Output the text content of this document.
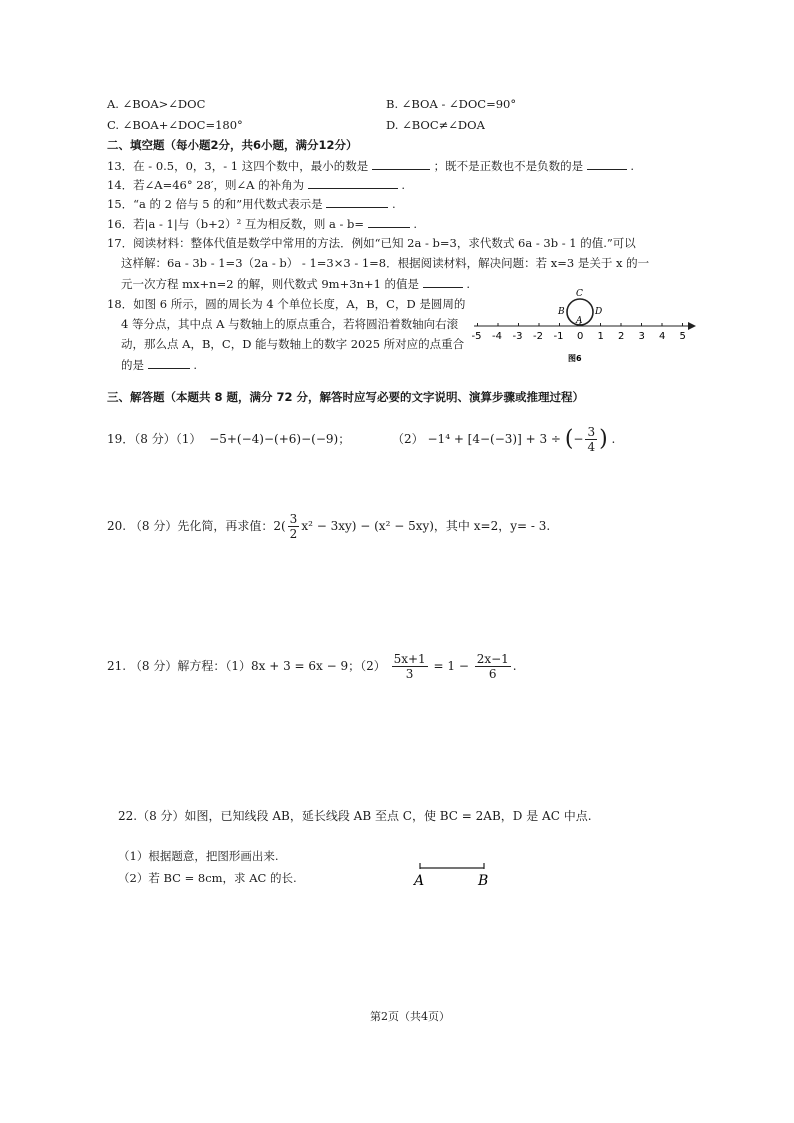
A. ∠BOA>∠DOC	B. ∠BOA - ∠DOC=90°
C. ∠BOA+∠DOC=180°	D. ∠BOC≠∠DOA
二、填空题（每小题2分，共6小题，满分12分）
13．在 - 0.5，0，3，- 1 这四个数中，最小的数是	；既不是正数也不是负数的是	.
14．若∠A=46° 28′，则∠A 的补角为	.
15．“a 的 2 倍与 5 的和”用代数式表示是	.
16．若|a - 1|与（b+2）² 互为相反数，则 a - b=	.
17．阅读材料：整体代值是数学中常用的方法．例如“已知 2a - b=3，求代数式 6a - 3b - 1 的值.”可以
这样解：6a - 3b - 1=3（2a - b） - 1=3×3 - 1=8．根据阅读材料，解决问题：若 x=3 是关于 x 的一
元一次方程 mx+n=2 的解，则代数式 9m+3n+1 的值是	.
18．如图 6 所示，圆的周长为 4 个单位长度，A，B，C，D 是圆周的
4 等分点，其中点 A 与数轴上的原点重合，若将圆沿着数轴向右滚
动，那么点 A，B，C，D 能与数轴上的数字 2025 所对应的点重合
的是	.
-5 -4 -3 -2 -1 0 1 2 3 4 5
C
B	D
A
图6
三、解答题（本题共 8 题，满分 72 分，解答时应写必要的文字说明、演算步骤或推理过程）
19．（8 分）（1） −5+(−4)−(+6)−(−9)；	（2） −1⁴ + [4−(−3)] + 3 ÷ (− $\frac{3}{4}$ ) .
20. （8 分）先化简，再求值：$2( \frac{3}{2} x^2 - 3xy) - (x^2 - 5xy)$，其中 x=2，y= - 3.
21. （8 分）解方程：（1）8x + 3 = 6x − 9；$(2) \frac{5x+1}{3} = 1 - \frac{2x-1}{6}$ .
22.（8 分）如图，已知线段 AB，延长线段 AB 至点 C，使 BC = 2AB，D 是 AC 中点.
（1）根据题意，把图形画出来.
（2）若 BC = 8cm，求 AC 的长.	A	B
第2页（共4页）
